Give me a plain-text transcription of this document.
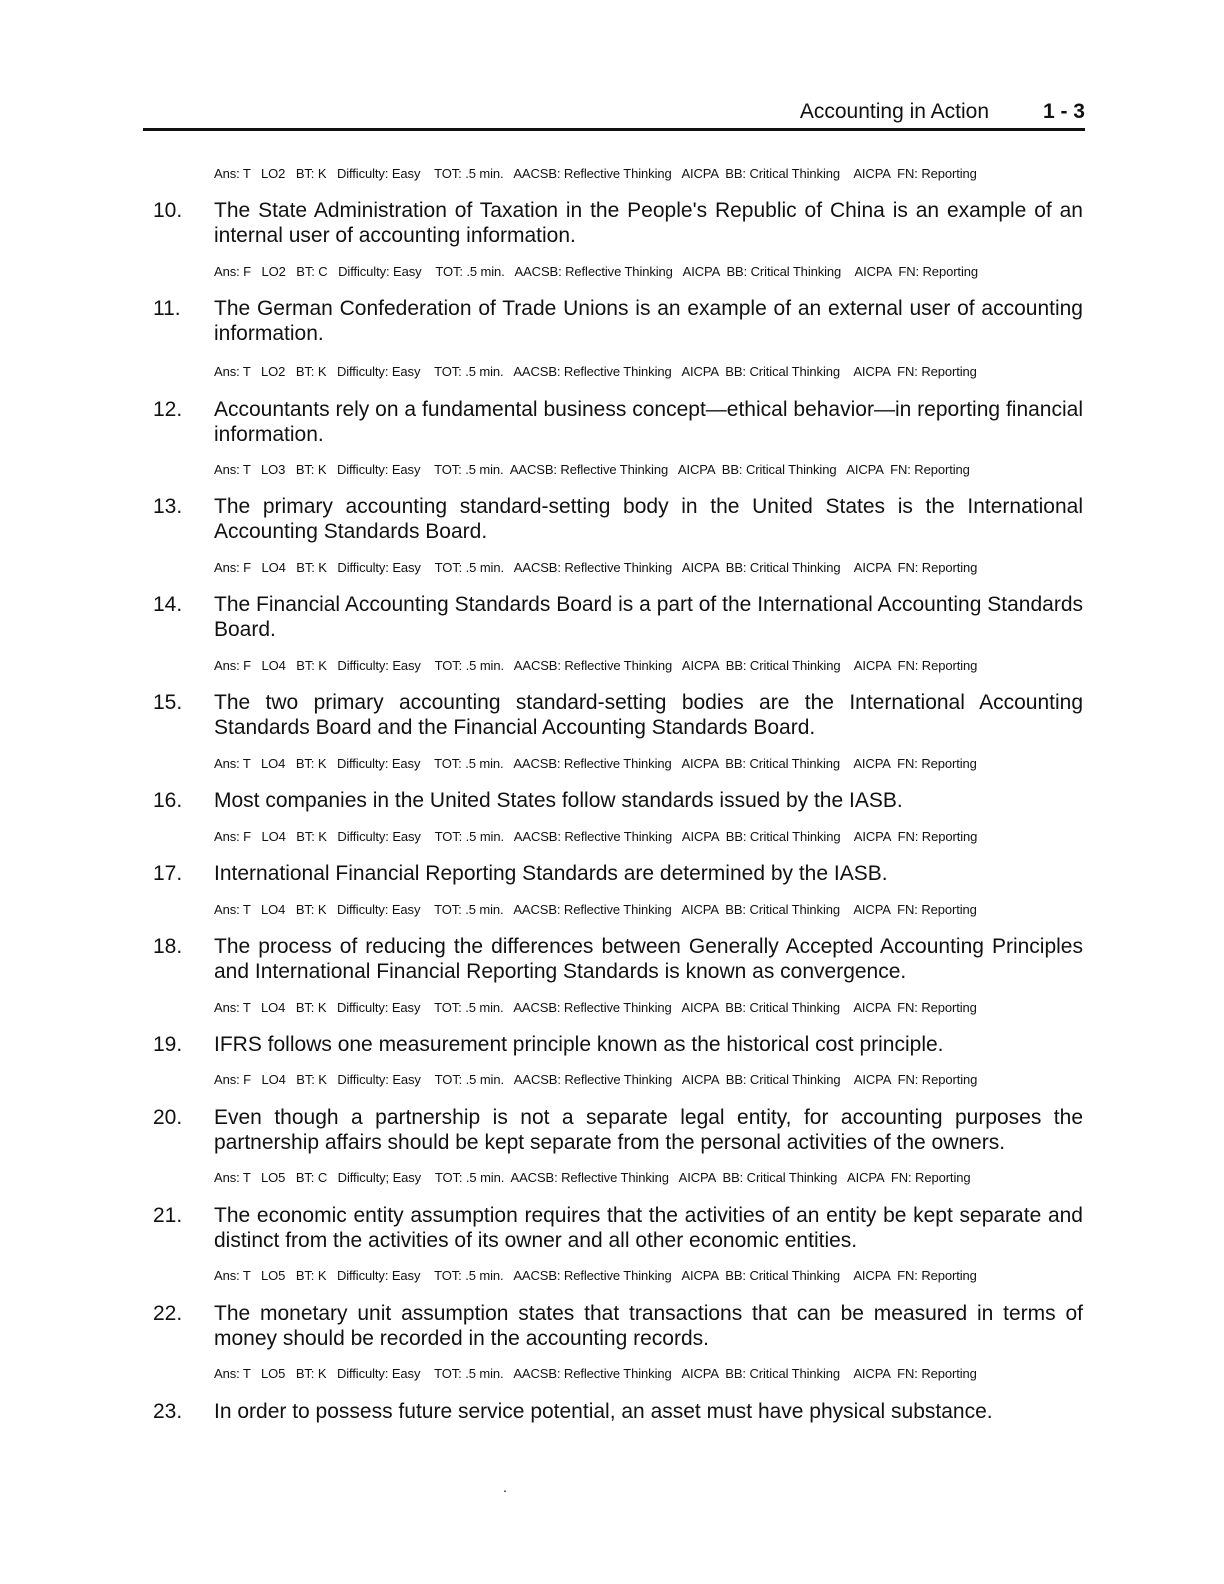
Accounting in Action	1 - 3
Ans: T   LO2   BT: K   Difficulty: Easy    TOT: .5 min.   AACSB: Reflective Thinking   AICPA  BB: Critical Thinking    AICPA  FN: Reporting
10. The State Administration of Taxation in the People's Republic of China is an example of an internal user of accounting information.
Ans: F   LO2   BT: C   Difficulty: Easy    TOT: .5 min.   AACSB: Reflective Thinking   AICPA  BB: Critical Thinking    AICPA  FN: Reporting
11. The German Confederation of Trade Unions is an example of an external user of accounting information.
Ans: T   LO2   BT: K   Difficulty: Easy    TOT: .5 min.   AACSB: Reflective Thinking   AICPA  BB: Critical Thinking    AICPA  FN: Reporting
12. Accountants rely on a fundamental business concept—ethical behavior—in reporting financial information.
Ans: T   LO3   BT: K   Difficulty: Easy    TOT: .5 min.  AACSB: Reflective Thinking   AICPA  BB: Critical Thinking   AICPA  FN: Reporting
13. The primary accounting standard-setting body in the United States is the International Accounting Standards Board.
Ans: F   LO4   BT: K   Difficulty: Easy    TOT: .5 min.   AACSB: Reflective Thinking   AICPA  BB: Critical Thinking    AICPA  FN: Reporting
14. The Financial Accounting Standards Board is a part of the International Accounting Standards Board.
Ans: F   LO4   BT: K   Difficulty: Easy    TOT: .5 min.   AACSB: Reflective Thinking   AICPA  BB: Critical Thinking    AICPA  FN: Reporting
15. The two primary accounting standard-setting bodies are the International Accounting Standards Board and the Financial Accounting Standards Board.
Ans: T   LO4   BT: K   Difficulty: Easy    TOT: .5 min.   AACSB: Reflective Thinking   AICPA  BB: Critical Thinking    AICPA  FN: Reporting
16. Most companies in the United States follow standards issued by the IASB.
Ans: F   LO4   BT: K   Difficulty: Easy    TOT: .5 min.   AACSB: Reflective Thinking   AICPA  BB: Critical Thinking    AICPA  FN: Reporting
17. International Financial Reporting Standards are determined by the IASB.
Ans: T   LO4   BT: K   Difficulty: Easy    TOT: .5 min.   AACSB: Reflective Thinking   AICPA  BB: Critical Thinking    AICPA  FN: Reporting
18. The process of reducing the differences between Generally Accepted Accounting Principles and International Financial Reporting Standards is known as convergence.
Ans: T   LO4   BT: K   Difficulty: Easy    TOT: .5 min.   AACSB: Reflective Thinking   AICPA  BB: Critical Thinking    AICPA  FN: Reporting
19. IFRS follows one measurement principle known as the historical cost principle.
Ans: F   LO4   BT: K   Difficulty: Easy    TOT: .5 min.   AACSB: Reflective Thinking   AICPA  BB: Critical Thinking    AICPA  FN: Reporting
20. Even though a partnership is not a separate legal entity, for accounting purposes the partnership affairs should be kept separate from the personal activities of the owners.
Ans: T   LO5   BT: C   Difficulty; Easy    TOT: .5 min.  AACSB: Reflective Thinking   AICPA  BB: Critical Thinking   AICPA  FN: Reporting
21. The economic entity assumption requires that the activities of an entity be kept separate and distinct from the activities of its owner and all other economic entities.
Ans: T   LO5   BT: K   Difficulty: Easy    TOT: .5 min.   AACSB: Reflective Thinking   AICPA  BB: Critical Thinking    AICPA  FN: Reporting
22. The monetary unit assumption states that transactions that can be measured in terms of money should be recorded in the accounting records.
Ans: T   LO5   BT: K   Difficulty: Easy    TOT: .5 min.   AACSB: Reflective Thinking   AICPA  BB: Critical Thinking    AICPA  FN: Reporting
23. In order to possess future service potential, an asset must have physical substance.
.
